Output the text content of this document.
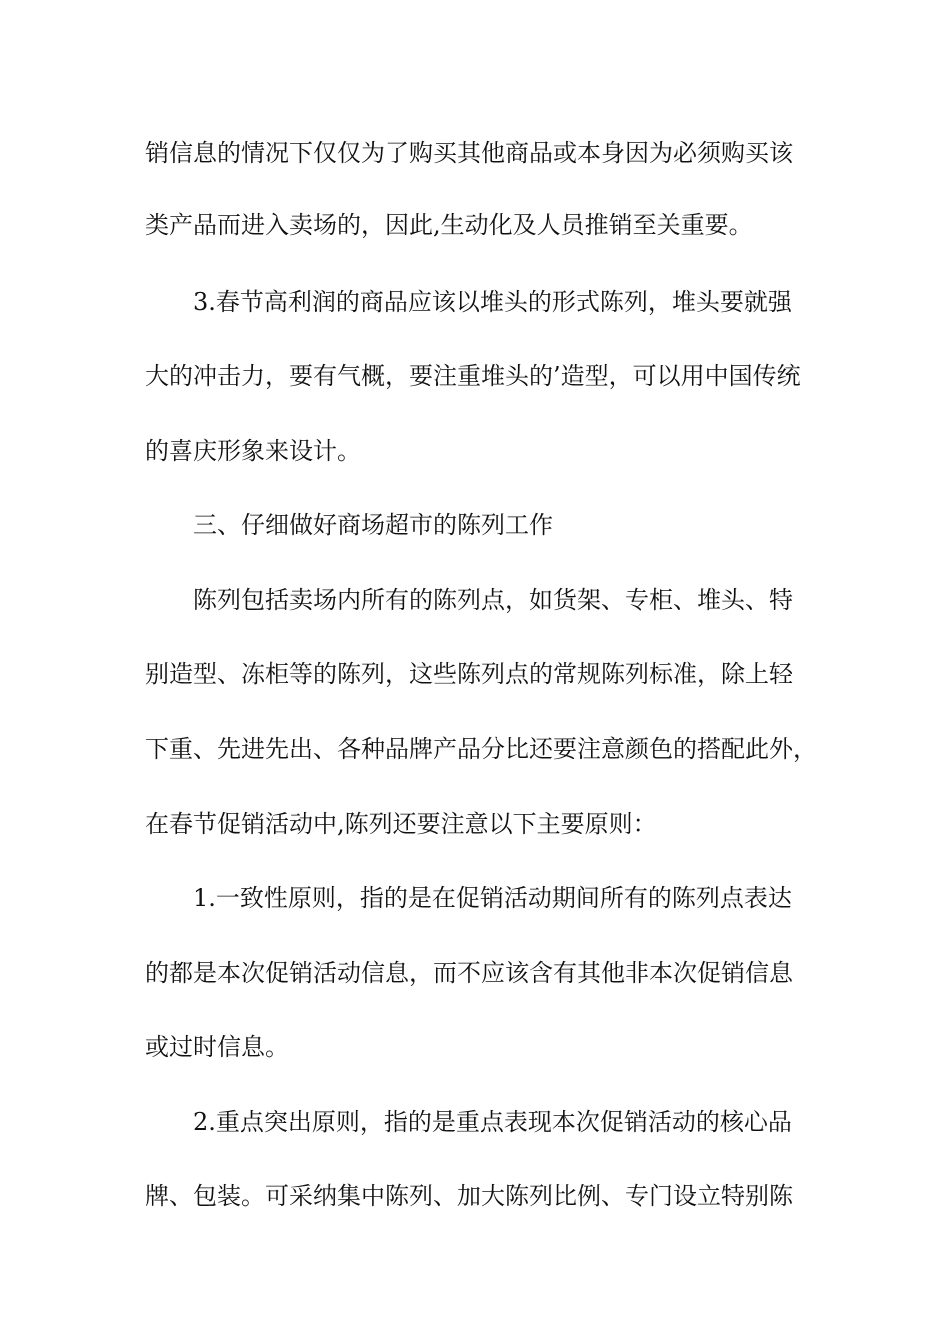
销信息的情况下仅仅为了购买其他商品或本身因为必须购买该
类产品而进入卖场的，因此,生动化及人员推销至关重要。
3.春节高利润的商品应该以堆头的形式陈列，堆头要就强
大的冲击力，要有气概，要注重堆头的’造型，可以用中国传统
的喜庆形象来设计。
三、仔细做好商场超市的陈列工作
陈列包括卖场内所有的陈列点，如货架、专柜、堆头、特
别造型、冻柜等的陈列，这些陈列点的常规陈列标准，除上轻
下重、先进先出、各种品牌产品分比还要注意颜色的搭配此外，
在春节促销活动中,陈列还要注意以下主要原则：
1.一致性原则，指的是在促销活动期间所有的陈列点表达
的都是本次促销活动信息，而不应该含有其他非本次促销信息
或过时信息。
2.重点突出原则，指的是重点表现本次促销活动的核心品
牌、包装。可采纳集中陈列、加大陈列比例、专门设立特别陈
